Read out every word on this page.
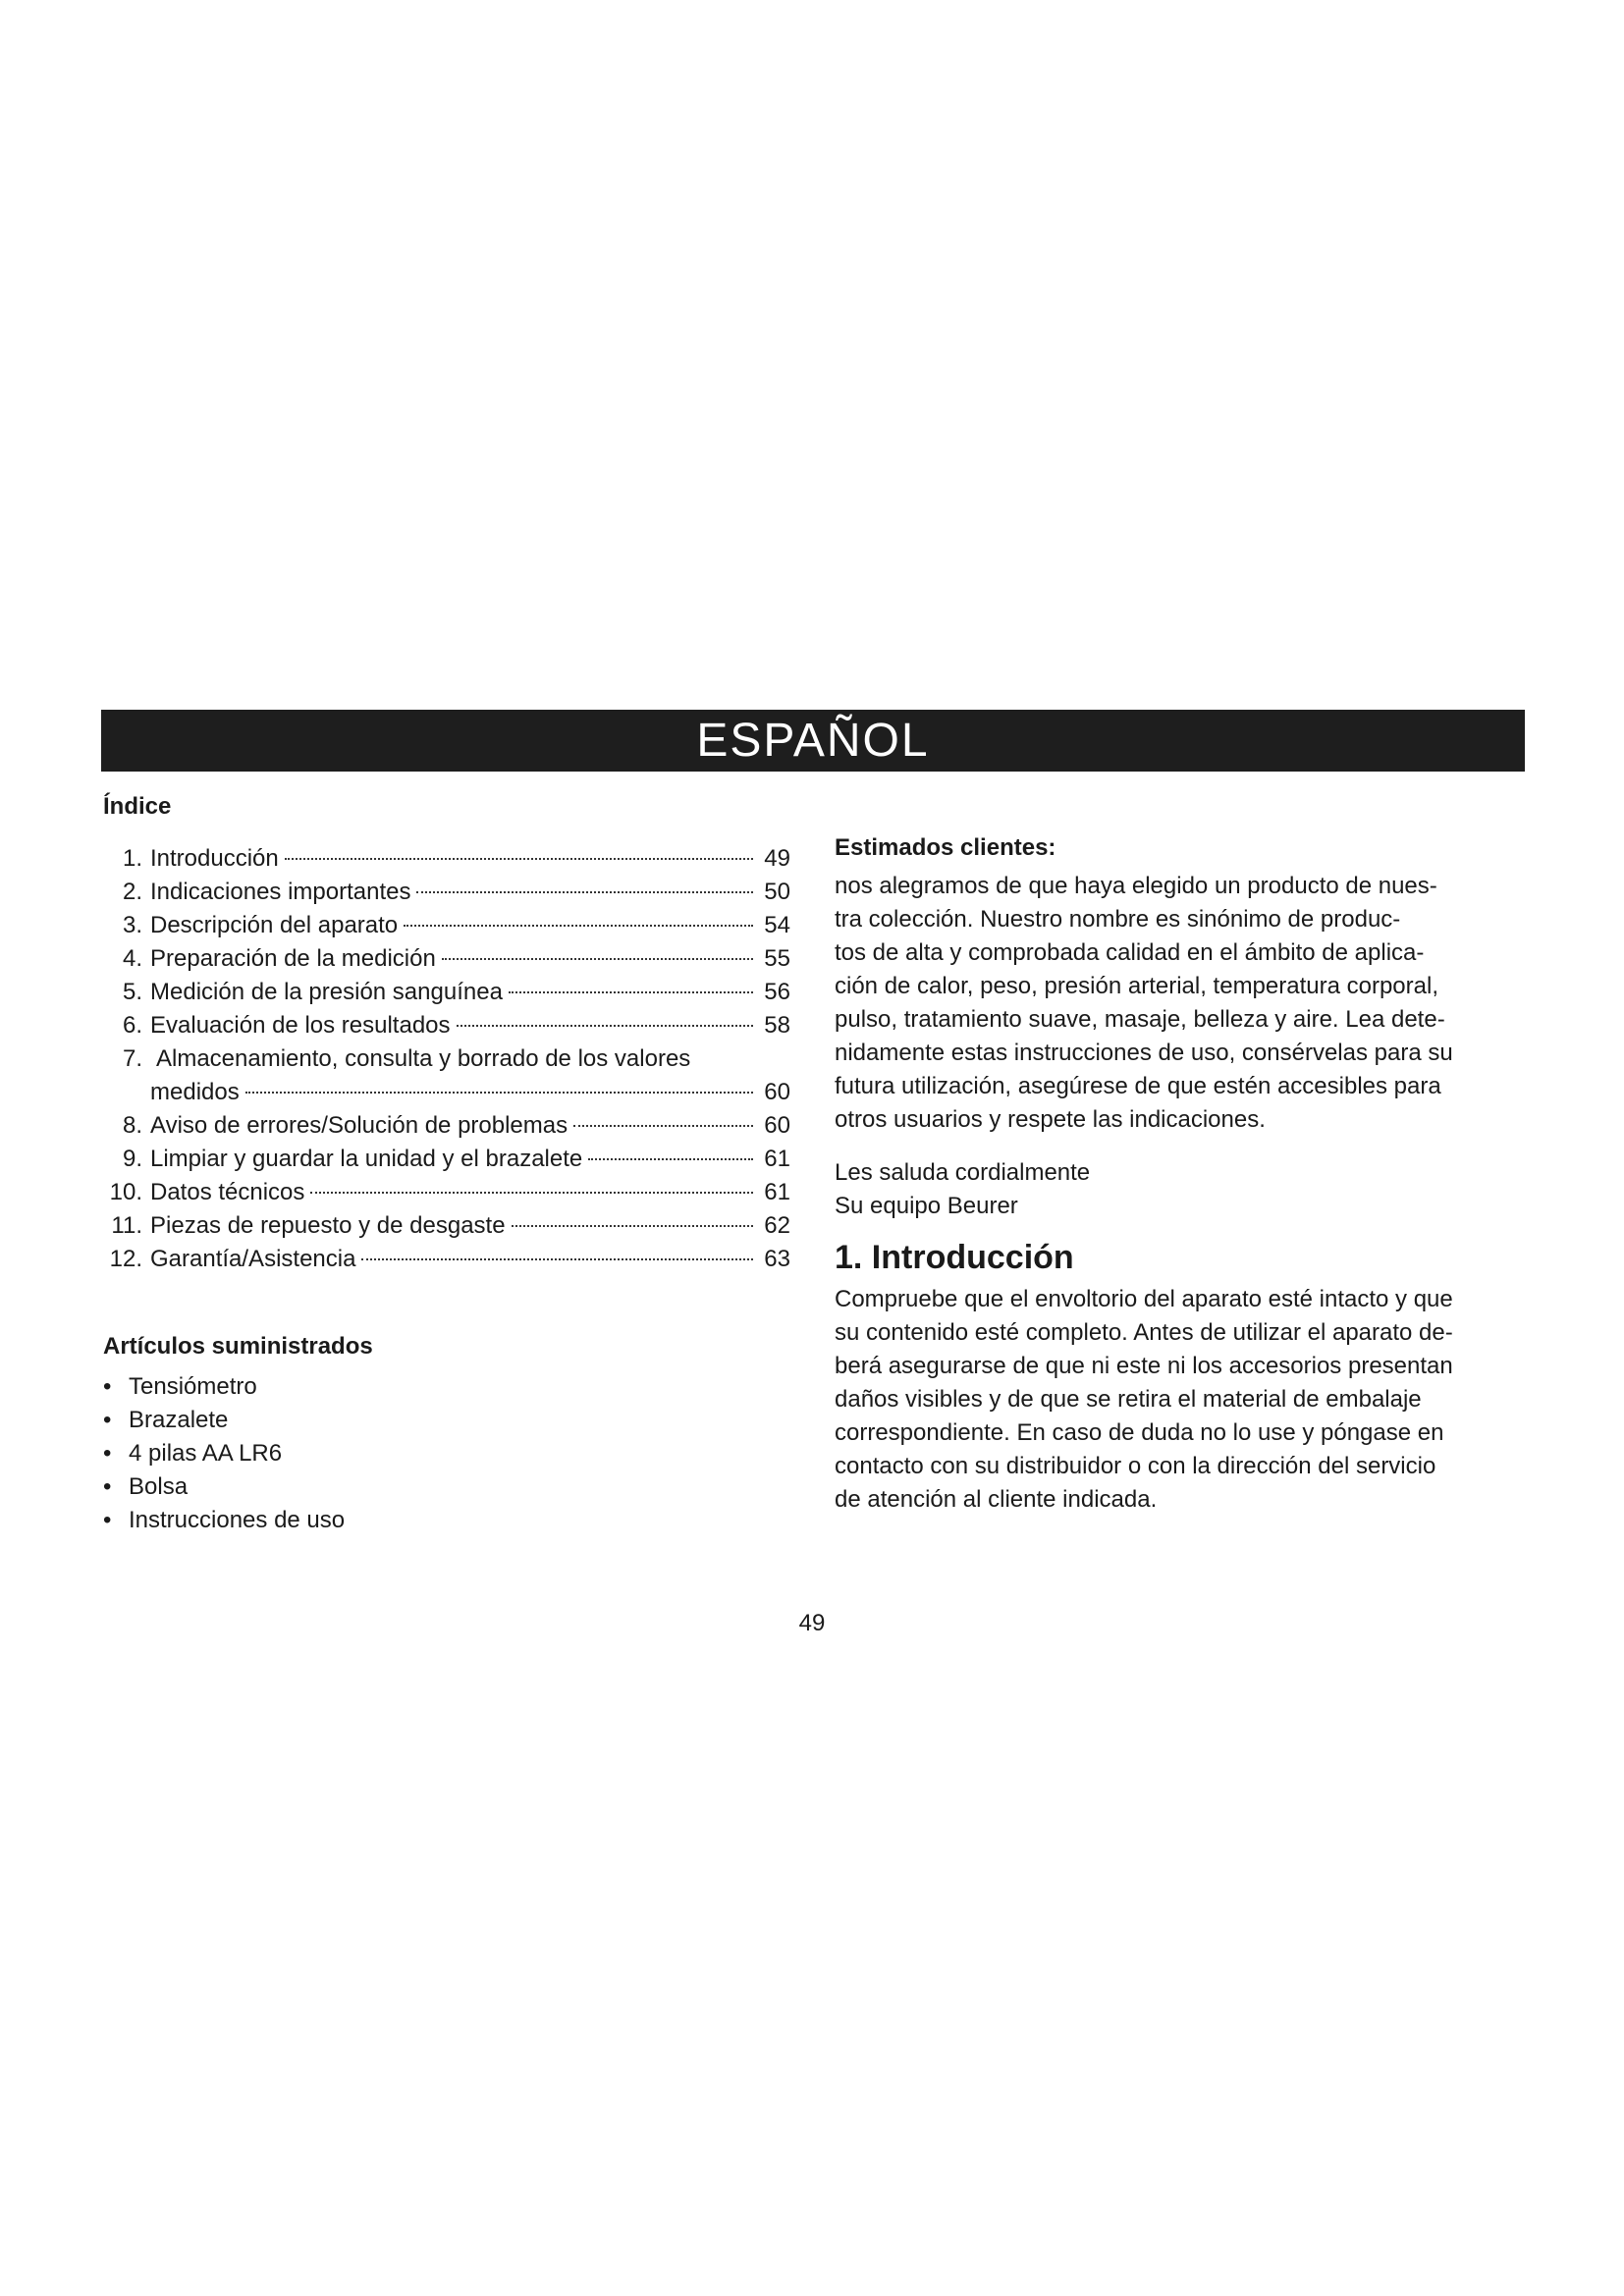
ESPAÑOL
Índice
1. Introducción	49
2. Indicaciones importantes	50
3. Descripción del aparato	54
4. Preparación de la medición	55
5. Medición de la presión sanguínea	56
6. Evaluación de los resultados	58
7. Almacenamiento, consulta y borrado de los valores
medidos	60
8. Aviso de errores/Solución de problemas	60
9. Limpiar y guardar la unidad y el brazalete	61
10. Datos técnicos	61
11. Piezas de repuesto y de desgaste	62
12. Garantía/Asistencia	63
Artículos suministrados
• Tensiómetro
• Brazalete
• 4 pilas AA LR6
• Bolsa
• Instrucciones de uso
Estimados clientes:

nos alegramos de que haya elegido un producto de nues-

tra colección. Nuestro nombre es sinónimo de produc-

tos de alta y comprobada calidad en el ámbito de aplica-

ción de calor, peso, presión arterial, temperatura corporal,

pulso, tratamiento suave, masaje, belleza y aire. Lea dete-

nidamente estas instrucciones de uso, consérvelas para su

futura utilización, asegúrese de que estén accesibles para

otros usuarios y respete las indicaciones.

Les saluda cordialmente

Su equipo Beurer

1. Introducción

Compruebe que el envoltorio del aparato esté intacto y que

su contenido esté completo. Antes de utilizar el aparato de-

berá asegurarse de que ni este ni los accesorios presentan

daños visibles y de que se retira el material de embalaje

correspondiente. En caso de duda no lo use y póngase en

contacto con su distribuidor o con la dirección del servicio

de atención al cliente indicada.

49
